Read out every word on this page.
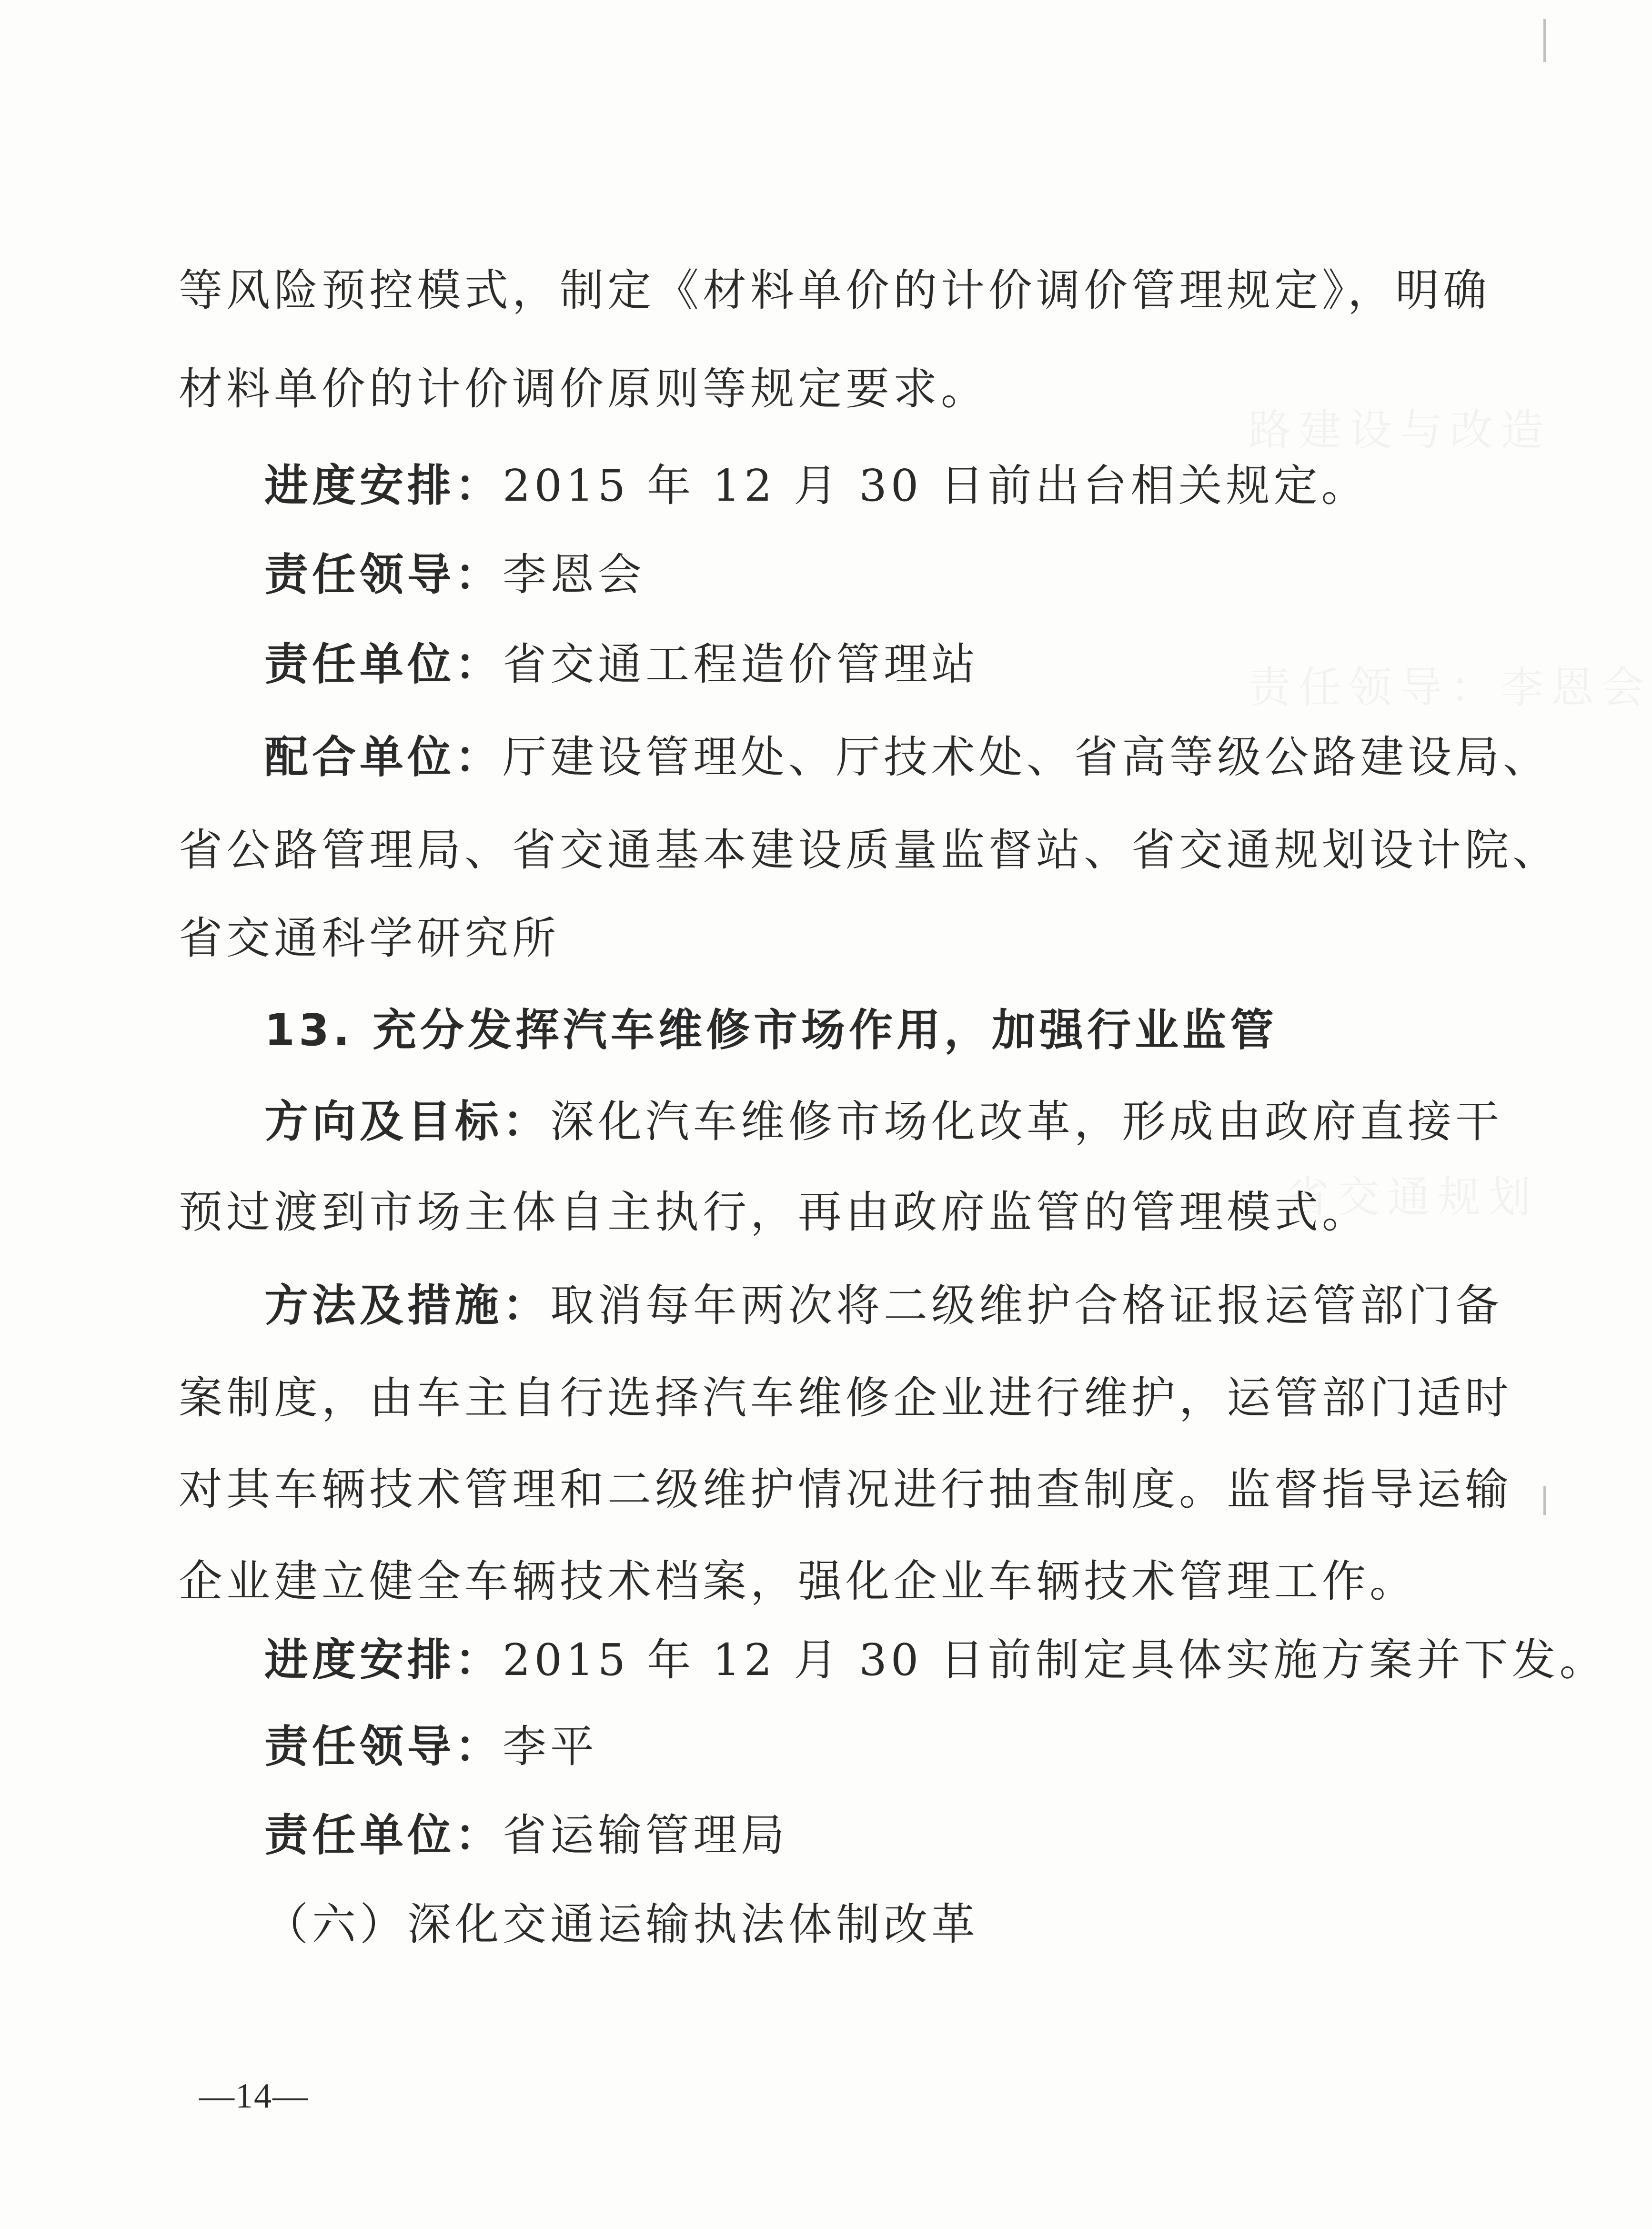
路建设与改造
责任领导：李恩会
省交通规划
等风险预控模式，制定《材料单价的计价调价管理规定》，明确
材料单价的计价调价原则等规定要求。
进度安排：2015 年 12 月 30 日前出台相关规定。
责任领导：李恩会
责任单位：省交通工程造价管理站
配合单位：厅建设管理处、厅技术处、省高等级公路建设局、
省公路管理局、省交通基本建设质量监督站、省交通规划设计院、
省交通科学研究所
13. 充分发挥汽车维修市场作用，加强行业监管
方向及目标：深化汽车维修市场化改革，形成由政府直接干
预过渡到市场主体自主执行，再由政府监管的管理模式。
方法及措施：取消每年两次将二级维护合格证报运管部门备
案制度，由车主自行选择汽车维修企业进行维护，运管部门适时
对其车辆技术管理和二级维护情况进行抽查制度。监督指导运输
企业建立健全车辆技术档案，强化企业车辆技术管理工作。
进度安排：2015 年 12 月 30 日前制定具体实施方案并下发。
责任领导：李平
责任单位：省运输管理局
（六）深化交通运输执法体制改革
—14—
